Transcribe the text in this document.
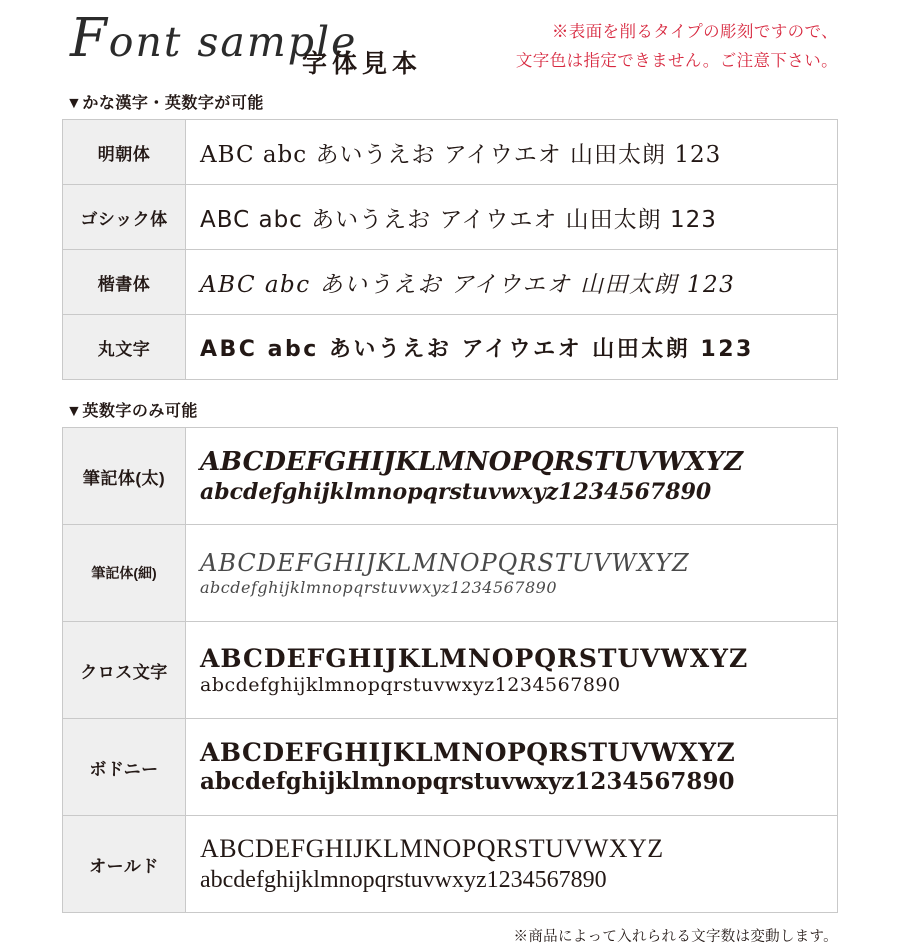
Font sample
字体見本
※表面を削るタイプの彫刻ですので、
文字色は指定できません。ご注意下さい。
▼かな漢字・英数字が可能
明朝体	ABC abc あいうえお アイウエオ 山田太朗 123
ゴシック体	ABC abc あいうえお アイウエオ 山田太朗 123
楷書体	ABC abc あいうえお アイウエオ 山田太朗 123
丸文字	ABC abc あいうえお アイウエオ 山田太朗 123
▼英数字のみ可能
筆記体(太)	ABCDEFGHIJKLMNOPQRSTUVWXYZ
abcdefghijklmnopqrstuvwxyz1234567890

筆記体(細)	ABCDEFGHIJKLMNOPQRSTUVWXYZ
abcdefghijklmnopqrstuvwxyz1234567890

クロス文字	ABCDEFGHIJKLMNOPQRSTUVWXYZ
abcdefghijklmnopqrstuvwxyz1234567890

ボドニー	ABCDEFGHIJKLMNOPQRSTUVWXYZ
abcdefghijklmnopqrstuvwxyz1234567890

オールド	ABCDEFGHIJKLMNOPQRSTUVWXYZ
abcdefghijklmnopqrstuvwxyz1234567890
※商品によって入れられる文字数は変動します。
